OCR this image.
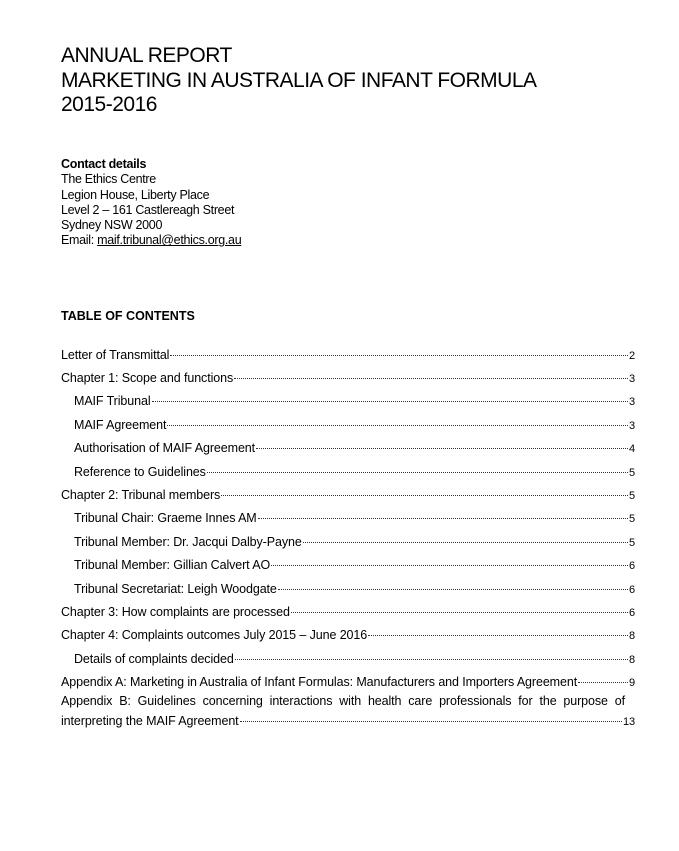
ANNUAL REPORT
MARKETING IN AUSTRALIA OF INFANT FORMULA
2015-2016
Contact details
The Ethics Centre
Legion House, Liberty Place
Level 2 – 161 Castlereagh Street
Sydney NSW 2000
Email: maif.tribunal@ethics.org.au
TABLE OF CONTENTS
Letter of Transmittal	2
Chapter 1: Scope and functions	3
MAIF Tribunal	3
MAIF Agreement	3
Authorisation of MAIF Agreement	4
Reference to Guidelines	5
Chapter 2: Tribunal members	5
Tribunal Chair: Graeme Innes AM	5
Tribunal Member: Dr. Jacqui Dalby-Payne	5
Tribunal Member: Gillian Calvert AO	6
Tribunal Secretariat: Leigh Woodgate	6
Chapter 3: How complaints are processed	6
Chapter 4: Complaints outcomes July 2015 – June 2016	8
Details of complaints decided	8
Appendix A: Marketing in Australia of Infant Formulas: Manufacturers and Importers Agreement	9
Appendix B: Guidelines concerning interactions with health care professionals for the purpose of
interpreting the MAIF Agreement	13
